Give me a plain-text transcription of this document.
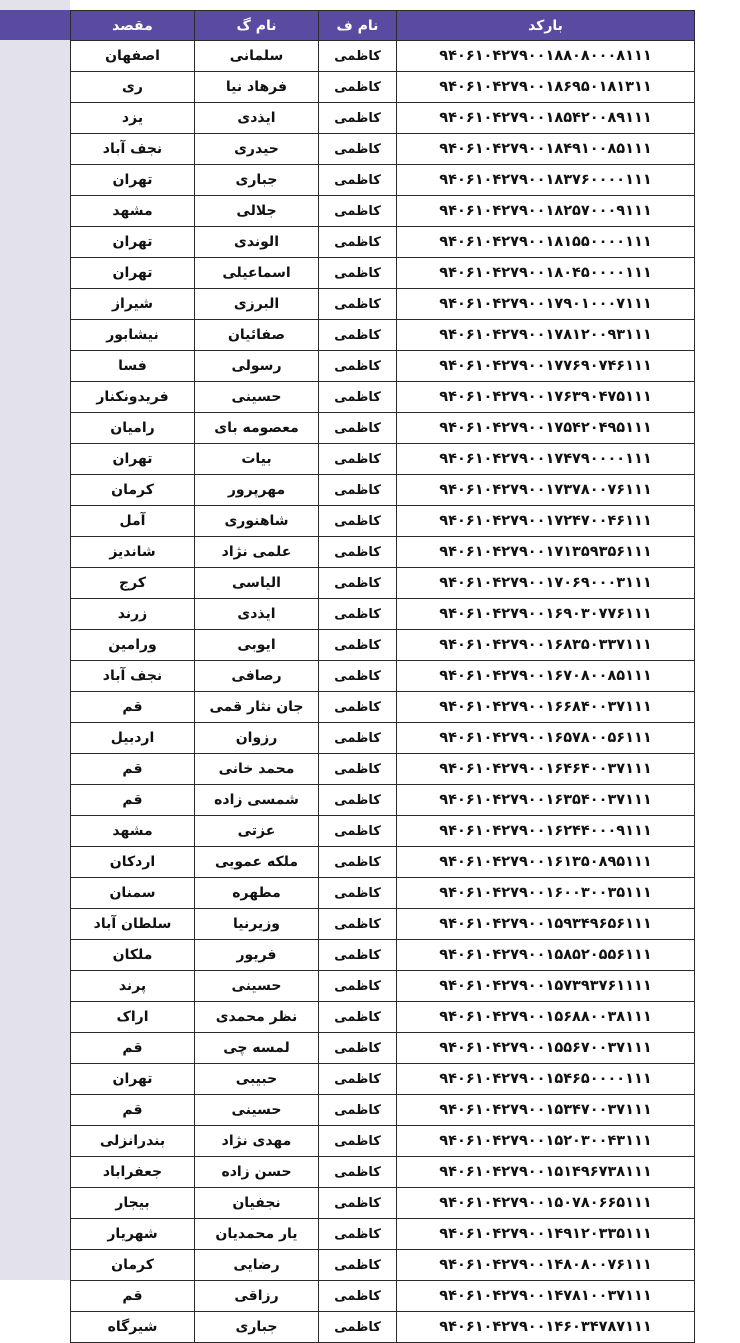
بارکد	نام ف	نام گ	مقصد
۹۴۰۶۱۰۴۲۷۹۰۰۱۸۸۰۸۰۰۰۸۱۱۱	کاظمی	سلمانی	اصفهان
۹۴۰۶۱۰۴۲۷۹۰۰۱۸۶۹۵۰۱۸۱۳۱۱	کاظمی	فرهاد نیا	ری
۹۴۰۶۱۰۴۲۷۹۰۰۱۸۵۴۲۰۰۸۹۱۱۱	کاظمی	ایذدی	یزد
۹۴۰۶۱۰۴۲۷۹۰۰۱۸۴۹۱۰۰۸۵۱۱۱	کاظمی	حیدری	نجف آباد
۹۴۰۶۱۰۴۲۷۹۰۰۱۸۳۷۶۰۰۰۰۱۱۱	کاظمی	جباری	تهران
۹۴۰۶۱۰۴۲۷۹۰۰۱۸۲۵۷۰۰۰۹۱۱۱	کاظمی	جلالی	مشهد
۹۴۰۶۱۰۴۲۷۹۰۰۱۸۱۵۵۰۰۰۰۱۱۱	کاظمی	الوندی	تهران
۹۴۰۶۱۰۴۲۷۹۰۰۱۸۰۴۵۰۰۰۰۱۱۱	کاظمی	اسماعیلی	تهران
۹۴۰۶۱۰۴۲۷۹۰۰۱۷۹۰۱۰۰۰۷۱۱۱	کاظمی	البرزی	شیراز
۹۴۰۶۱۰۴۲۷۹۰۰۱۷۸۱۲۰۰۹۳۱۱۱	کاظمی	صفائیان	نیشابور
۹۴۰۶۱۰۴۲۷۹۰۰۱۷۷۶۹۰۷۴۶۱۱۱	کاظمی	رسولی	فسا
۹۴۰۶۱۰۴۲۷۹۰۰۱۷۶۳۹۰۴۷۵۱۱۱	کاظمی	حسینی	فریدونکنار
۹۴۰۶۱۰۴۲۷۹۰۰۱۷۵۴۲۰۴۹۵۱۱۱	کاظمی	معصومه بای	رامیان
۹۴۰۶۱۰۴۲۷۹۰۰۱۷۴۷۹۰۰۰۰۱۱۱	کاظمی	بیات	تهران
۹۴۰۶۱۰۴۲۷۹۰۰۱۷۳۷۸۰۰۷۶۱۱۱	کاظمی	مهرپرور	کرمان
۹۴۰۶۱۰۴۲۷۹۰۰۱۷۲۴۷۰۰۴۶۱۱۱	کاظمی	شاهنوری	آمل
۹۴۰۶۱۰۴۲۷۹۰۰۱۷۱۳۵۹۳۵۶۱۱۱	کاظمی	علمی نژاد	شاندیز
۹۴۰۶۱۰۴۲۷۹۰۰۱۷۰۶۹۰۰۰۳۱۱۱	کاظمی	الیاسی	کرج
۹۴۰۶۱۰۴۲۷۹۰۰۱۶۹۰۳۰۷۷۶۱۱۱	کاظمی	ایذدی	زرند
۹۴۰۶۱۰۴۲۷۹۰۰۱۶۸۳۵۰۳۳۷۱۱۱	کاظمی	ایوبی	ورامین
۹۴۰۶۱۰۴۲۷۹۰۰۱۶۷۰۸۰۰۸۵۱۱۱	کاظمی	رصافی	نجف آباد
۹۴۰۶۱۰۴۲۷۹۰۰۱۶۶۸۴۰۰۳۷۱۱۱	کاظمی	جان نثار قمی	قم
۹۴۰۶۱۰۴۲۷۹۰۰۱۶۵۷۸۰۰۵۶۱۱۱	کاظمی	رزوان	اردبیل
۹۴۰۶۱۰۴۲۷۹۰۰۱۶۴۶۴۰۰۳۷۱۱۱	کاظمی	محمد خانی	قم
۹۴۰۶۱۰۴۲۷۹۰۰۱۶۳۵۴۰۰۳۷۱۱۱	کاظمی	شمسی زاده	قم
۹۴۰۶۱۰۴۲۷۹۰۰۱۶۲۴۴۰۰۰۹۱۱۱	کاظمی	عزتی	مشهد
۹۴۰۶۱۰۴۲۷۹۰۰۱۶۱۳۵۰۸۹۵۱۱۱	کاظمی	ملکه عمویی	اردکان
۹۴۰۶۱۰۴۲۷۹۰۰۱۶۰۰۳۰۰۳۵۱۱۱	کاظمی	مطهره	سمنان
۹۴۰۶۱۰۴۲۷۹۰۰۱۵۹۳۴۹۶۵۶۱۱۱	کاظمی	وزیرنیا	سلطان آباد
۹۴۰۶۱۰۴۲۷۹۰۰۱۵۸۵۲۰۵۵۶۱۱۱	کاظمی	فریور	ملکان
۹۴۰۶۱۰۴۲۷۹۰۰۱۵۷۳۹۳۷۶۱۱۱۱	کاظمی	حسینی	پرند
۹۴۰۶۱۰۴۲۷۹۰۰۱۵۶۸۸۰۰۳۸۱۱۱	کاظمی	نظر محمدی	اراک
۹۴۰۶۱۰۴۲۷۹۰۰۱۵۵۶۷۰۰۳۷۱۱۱	کاظمی	لمسه چی	قم
۹۴۰۶۱۰۴۲۷۹۰۰۱۵۴۶۵۰۰۰۰۱۱۱	کاظمی	حبیبی	تهران
۹۴۰۶۱۰۴۲۷۹۰۰۱۵۳۴۷۰۰۳۷۱۱۱	کاظمی	حسینی	قم
۹۴۰۶۱۰۴۲۷۹۰۰۱۵۲۰۳۰۰۴۳۱۱۱	کاظمی	مهدی نژاد	بندرانزلی
۹۴۰۶۱۰۴۲۷۹۰۰۱۵۱۴۹۶۷۳۸۱۱۱	کاظمی	حسن زاده	جعفراباد
۹۴۰۶۱۰۴۲۷۹۰۰۱۵۰۷۸۰۶۶۵۱۱۱	کاظمی	نجفیان	بیجار
۹۴۰۶۱۰۴۲۷۹۰۰۱۴۹۱۲۰۳۳۵۱۱۱	کاظمی	یار محمدیان	شهریار
۹۴۰۶۱۰۴۲۷۹۰۰۱۴۸۰۸۰۰۷۶۱۱۱	کاظمی	رضایی	کرمان
۹۴۰۶۱۰۴۲۷۹۰۰۱۴۷۸۱۰۰۳۷۱۱۱	کاظمی	رزاقی	قم
۹۴۰۶۱۰۴۲۷۹۰۰۱۴۶۰۳۴۷۸۷۱۱۱	کاظمی	جباری	شیرگاه
